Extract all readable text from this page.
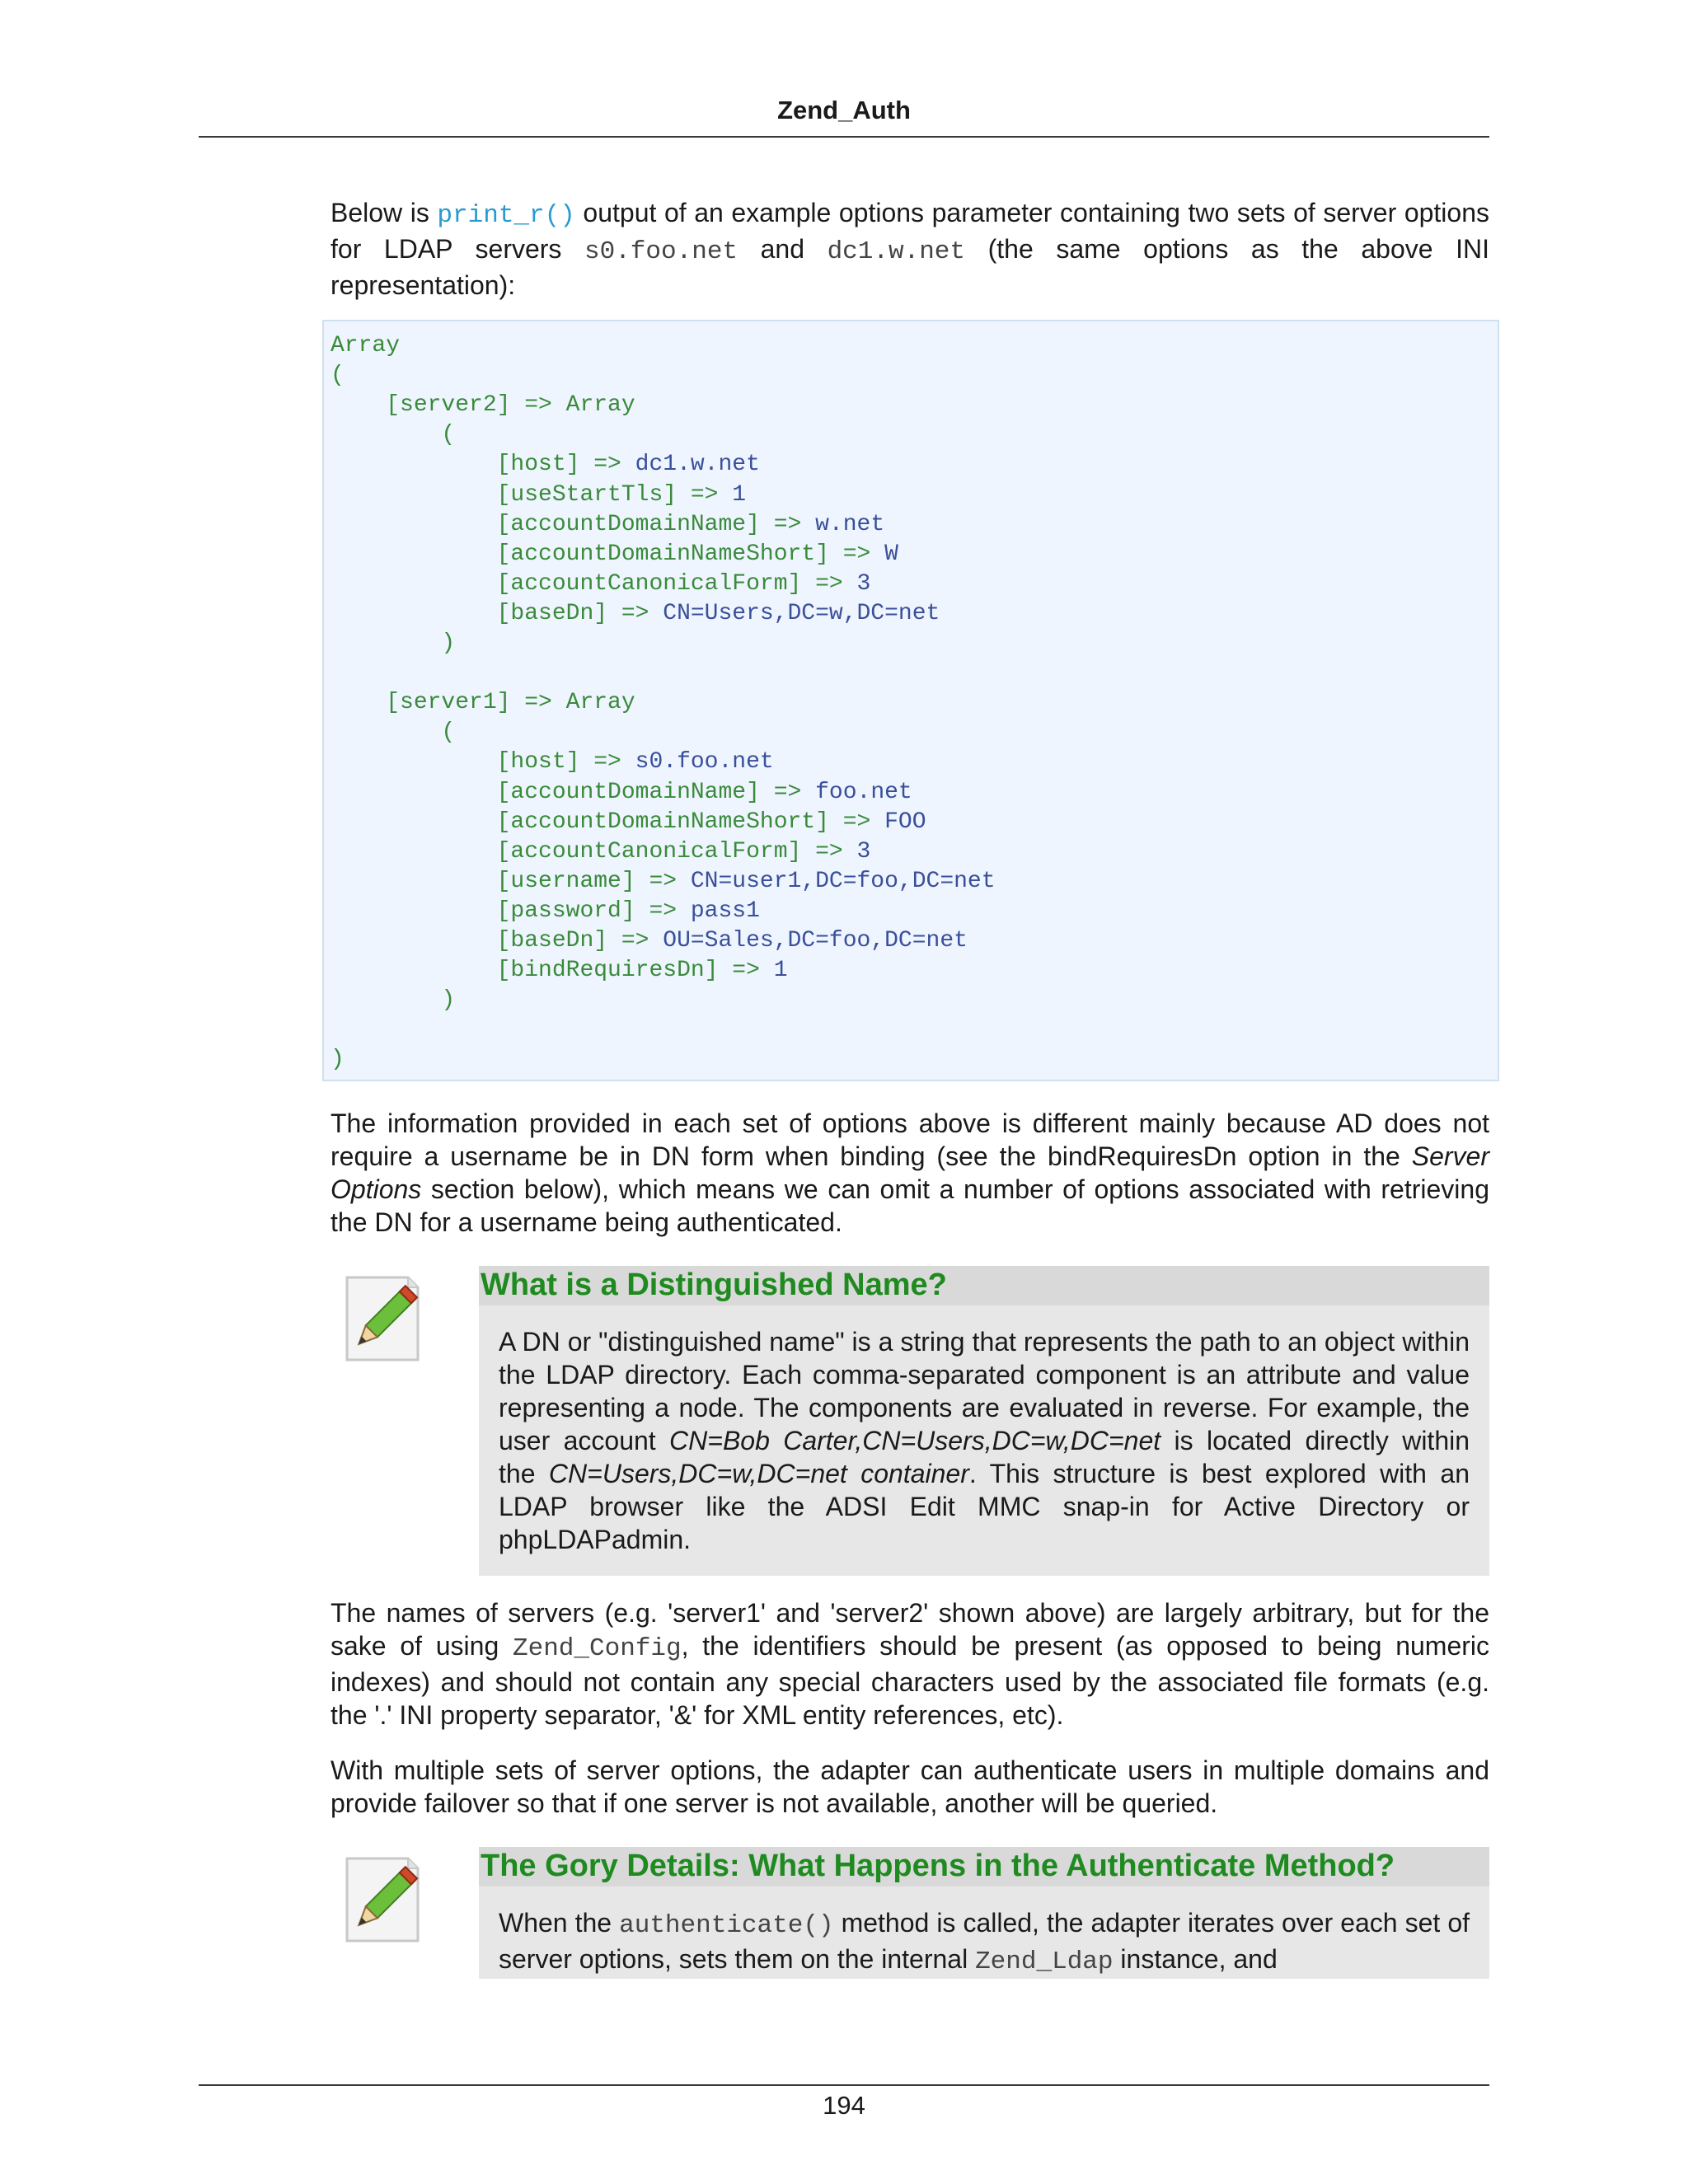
Zend_Auth

Below is print_r() output of an example options parameter containing two sets of server options for LDAP servers s0.foo.net and dc1.w.net (the same options as the above INI representation):

Array
(
[server2] => Array
(
[host] => dc1.w.net
[useStartTls] => 1
[accountDomainName] => w.net
[accountDomainNameShort] => W
[accountCanonicalForm] => 3
[baseDn] => CN=Users,DC=w,DC=net
)
[server1] => Array
(
[host] => s0.foo.net
[accountDomainName] => foo.net
[accountDomainNameShort] => FOO
[accountCanonicalForm] => 3
[username] => CN=user1,DC=foo,DC=net
[password] => pass1
[baseDn] => OU=Sales,DC=foo,DC=net
[bindRequiresDn] => 1
)
)

The information provided in each set of options above is different mainly because AD does not require a username be in DN form when binding (see the bindRequiresDn option in the Server Options section below), which means we can omit a number of options associated with retrieving the DN for a username being authenticated.

What is a Distinguished Name?
A DN or "distinguished name" is a string that represents the path to an object within the LDAP directory. Each comma-separated component is an attribute and value representing a node. The components are evaluated in reverse. For example, the user account CN=Bob Carter,CN=Users,DC=w,DC=net is located directly within the CN=Users,DC=w,DC=net container. This structure is best explored with an LDAP browser like the ADSI Edit MMC snap-in for Active Directory or phpLDAPadmin.

The names of servers (e.g. 'server1' and 'server2' shown above) are largely arbitrary, but for the sake of using Zend_Config, the identifiers should be present (as opposed to being numeric indexes) and should not contain any special characters used by the associated file formats (e.g. the '.' INI property separator, '&' for XML entity references, etc).

With multiple sets of server options, the adapter can authenticate users in multiple domains and provide failover so that if one server is not available, another will be queried.

The Gory Details: What Happens in the Authenticate Method?
When the authenticate() method is called, the adapter iterates over each set of server options, sets them on the internal Zend_Ldap instance, and
194
